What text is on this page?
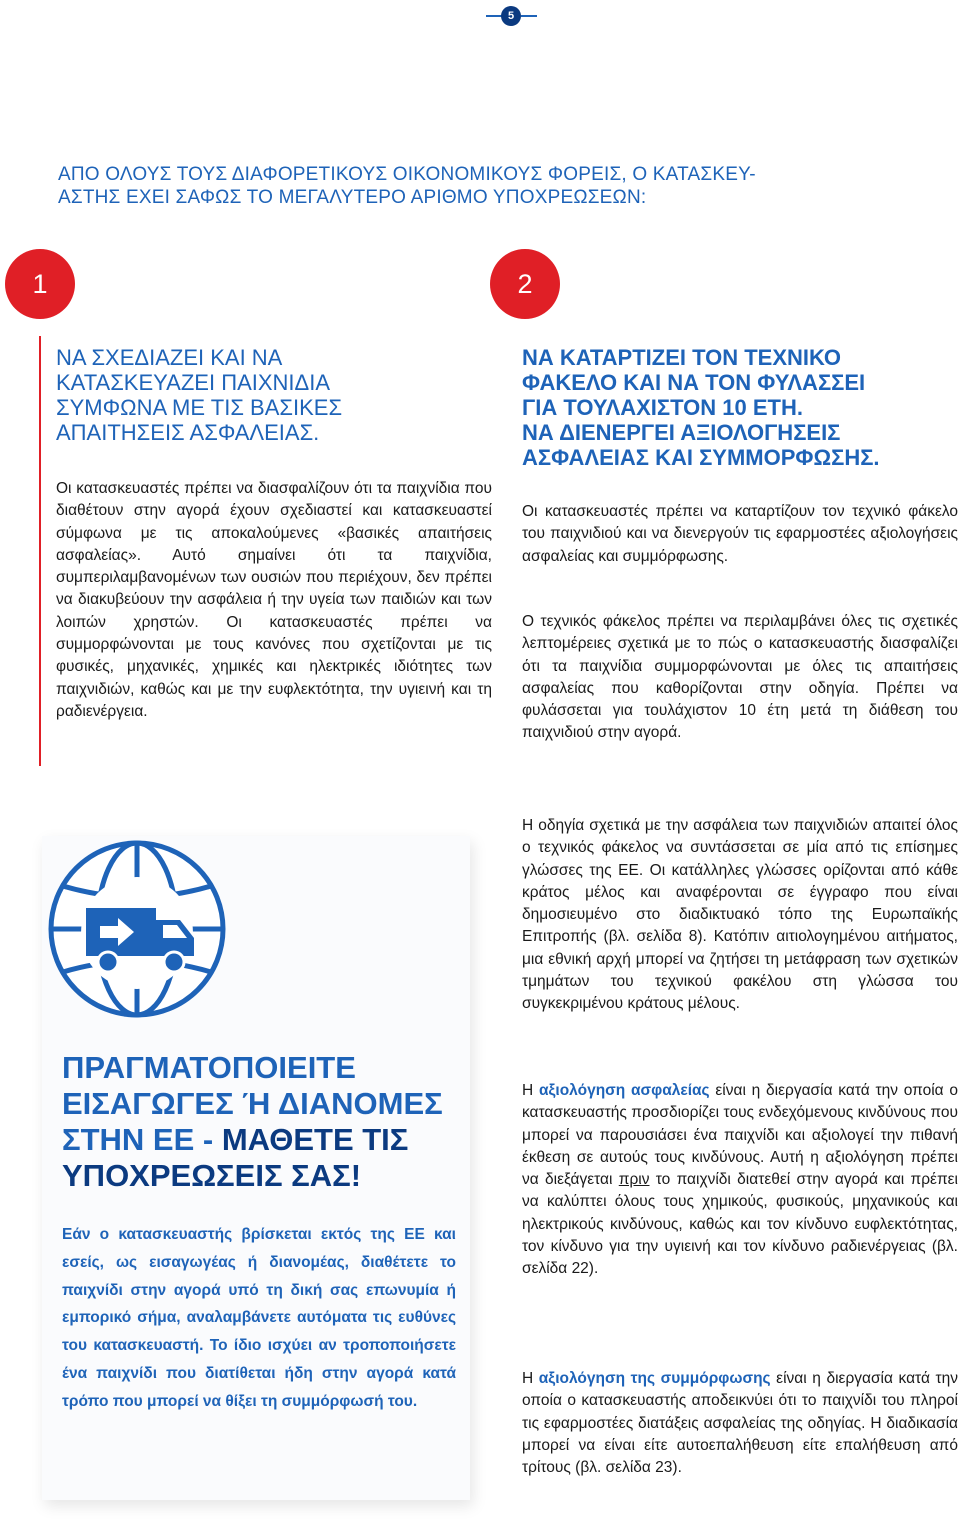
5
ΑΠΟ ΟΛΟΥΣ ΤΟΥΣ ΔΙΑΦΟΡΕΤΙΚΟΥΣ ΟΙΚΟΝΟΜΙΚΟΥΣ ΦΟΡΕΙΣ, Ο ΚΑΤΑΣΚΕΥ-
ΑΣΤΗΣ ΕΧΕΙ ΣΑΦΩΣ ΤΟ ΜΕΓΑΛΥΤΕΡΟ ΑΡΙΘΜΟ ΥΠΟΧΡΕΩΣΕΩΝ:
1	2
ΝΑ ΣΧΕΔΙΑΖΕΙ ΚΑΙ ΝΑ
ΚΑΤΑΣΚΕΥΑΖΕΙ ΠΑΙΧΝΙΔΙΑ
ΣΥΜΦΩΝΑ ΜΕ ΤΙΣ ΒΑΣΙΚΕΣ
ΑΠΑΙΤΗΣΕΙΣ ΑΣΦΑΛΕΙΑΣ.

Οι κατασκευαστές πρέπει να διασφαλίζουν ότι τα παιχνίδια που διαθέτουν στην αγορά έχουν σχεδιαστεί και κατασκευαστεί σύμφωνα με τις αποκαλούμενες «βασικές απαιτήσεις ασφαλείας». Αυτό σημαίνει ότι τα παιχνίδια, συμπεριλαμβανομένων των ουσιών που περιέχουν, δεν πρέπει να διακυβεύουν την ασφάλεια ή την υγεία των παιδιών και των λοιπών χρηστών. Οι κατασκευαστές πρέπει να συμμορφώνονται με τους κανόνες που σχετίζονται με τις φυσικές, μηχανικές, χημικές και ηλεκτρικές ιδιότητες των παιχνιδιών, καθώς και με την ευφλεκτότητα, την υγιεινή και τη ραδιενέργεια.

ΝΑ ΚΑΤΑΡΤΙΖΕΙ ΤΟΝ ΤΕΧΝΙΚΟ
ΦΑΚΕΛΟ ΚΑΙ ΝΑ ΤΟΝ ΦΥΛΑΣΣΕΙ
ΓΙΑ ΤΟΥΛΑΧΙΣΤΟΝ 10 ΕΤΗ.
ΝΑ ΔΙΕΝΕΡΓΕΙ ΑΞΙΟΛΟΓΗΣΕΙΣ
ΑΣΦΑΛΕΙΑΣ ΚΑΙ ΣΥΜΜΟΡΦΩΣΗΣ.

Οι κατασκευαστές πρέπει να καταρτίζουν τον τεχνικό φάκελο του παιχνιδιού και να διενεργούν τις εφαρμοστέες αξιολογήσεις ασφαλείας και συμμόρφωσης.

Ο τεχνικός φάκελος πρέπει να περιλαμβάνει όλες τις σχετικές λεπτομέρειες σχετικά με το πώς ο κατασκευαστής διασφαλίζει ότι τα παιχνίδια συμμορφώνονται με όλες τις απαιτήσεις ασφαλείας που καθορίζονται στην οδηγία. Πρέπει να φυλάσσεται για τουλάχιστον 10 έτη μετά τη διάθεση του παιχνιδιού στην αγορά.

Η οδηγία σχετικά με την ασφάλεια των παιχνιδιών απαιτεί όλος ο τεχνικός φάκελος να συντάσσεται σε μία από τις επίσημες γλώσσες της ΕΕ. Οι κατάλληλες γλώσσες ορίζονται από κάθε κράτος μέλος και αναφέρονται σε έγγραφο που είναι δημοσιευμένο στο διαδικτυακό τόπο της Ευρωπαϊκής Επιτροπής (βλ. σελίδα 8). Κατόπιν αιτιολογημένου αιτήματος, μια εθνική αρχή μπορεί να ζητήσει τη μετάφραση των σχετικών τμημάτων του τεχνικού φακέλου στη γλώσσα του συγκεκριμένου κράτους μέλους.

Η αξιολόγηση ασφαλείας είναι η διεργασία κατά την οποία ο κατασκευαστής προσδιορίζει τους ενδεχόμενους κινδύνους που μπορεί να παρουσιάσει ένα παιχνίδι και αξιολογεί την πιθανή έκθεση σε αυτούς τους κινδύνους. Αυτή η αξιολόγηση πρέπει να διεξάγεται πριν το παιχνίδι διατεθεί στην αγορά και πρέπει να καλύπτει όλους τους χημικούς, φυσικούς, μηχανικούς και ηλεκτρικούς κινδύνους, καθώς και τον κίνδυνο ευφλεκτότητας, τον κίνδυνο για την υγιεινή και τον κίνδυνο ραδιενέργειας (βλ. σελίδα 22).

Η αξιολόγηση της συμμόρφωσης είναι η διεργασία κατά την οποία ο κατασκευαστής αποδεικνύει ότι το παιχνίδι του πληροί τις εφαρμοστέες διατάξεις ασφαλείας της οδηγίας. Η διαδικασία μπορεί να είναι είτε αυτοεπαλήθευση είτε επαλήθευση από τρίτους (βλ. σελίδα 23).

ΠΡΑΓΜΑΤΟΠΟΙΕΙΤΕ ΕΙΣΑΓΩΓΕΣ Ή ΔΙΑΝΟΜΕΣ ΣΤΗΝ ΕΕ - ΜΑΘΕΤΕ ΤΙΣ ΥΠΟΧΡΕΩΣΕΙΣ ΣΑΣ!

Εάν ο κατασκευαστής βρίσκεται εκτός της ΕΕ και εσείς, ως εισαγωγέας ή διανομέας, διαθέτετε το παιχνίδι στην αγορά υπό τη δική σας επωνυμία ή εμπορικό σήμα, αναλαμβάνετε αυτόματα τις ευθύνες του κατασκευαστή. Το ίδιο ισχύει αν τροποποιήσετε ένα παιχνίδι που διατίθεται ήδη στην αγορά κατά τρόπο που μπορεί να θίξει τη συμμόρφωσή του.
